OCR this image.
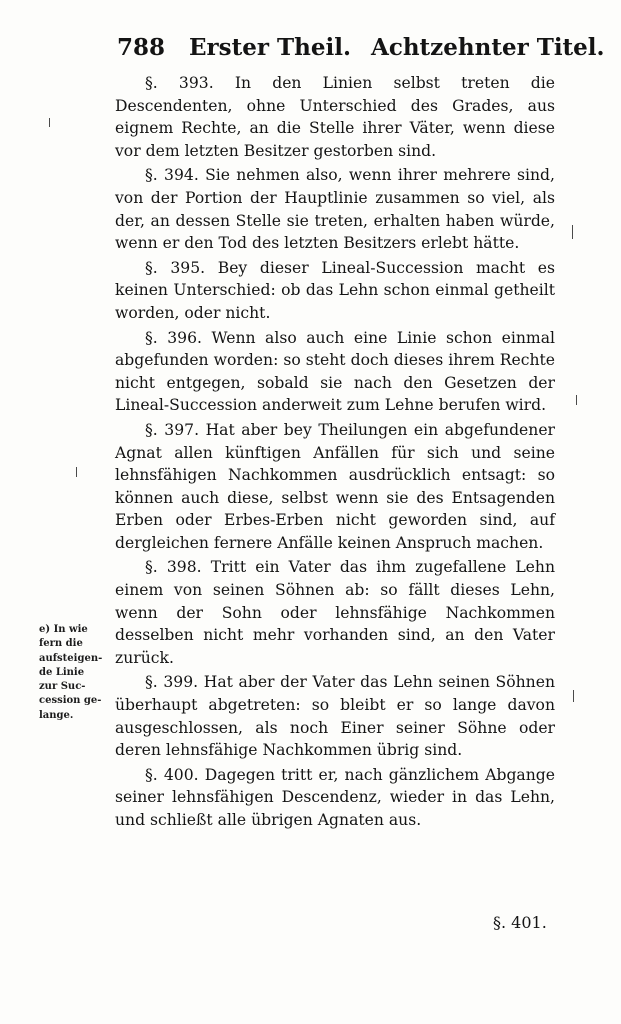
788 Erster Theil. Achtzehnter Titel.

§. 393. In den Linien selbst treten die Descendenten, ohne Unterschied des Grades, aus eignem Rechte, an die Stelle ihrer Väter, wenn diese vor dem letzten Besitzer gestorben sind.

§. 394. Sie nehmen also, wenn ihrer mehrere sind, von der Portion der Hauptlinie zusammen so viel, als der, an dessen Stelle sie treten, erhalten haben würde, wenn er den Tod des letzten Besitzers erlebt hätte.

§. 395. Bey dieser Lineal-Succession macht es keinen Unterschied: ob das Lehn schon einmal getheilt worden, oder nicht.

§. 396. Wenn also auch eine Linie schon einmal abgefunden worden: so steht doch dieses ihrem Rechte nicht entgegen, sobald sie nach den Gesetzen der Lineal-Succession anderweit zum Lehne berufen wird.

§. 397. Hat aber bey Theilungen ein abgefundener Agnat allen künftigen Anfällen für sich und seine lehnsfähigen Nachkommen ausdrücklich entsagt: so können auch diese, selbst wenn sie des Entsagenden Erben oder Erbes-Erben nicht geworden sind, auf dergleichen fernere Anfälle keinen Anspruch machen.

§. 398. Tritt ein Vater das ihm zugefallene Lehn einem von seinen Söhnen ab: so fällt dieses Lehn, wenn der Sohn oder lehnsfähige Nachkommen desselben nicht mehr vorhanden sind, an den Vater zurück.

§. 399. Hat aber der Vater das Lehn seinen Söhnen überhaupt abgetreten: so bleibt er so lange davon ausgeschlossen, als noch Einer seiner Söhne oder deren lehnsfähige Nachkommen übrig sind.

§. 400. Dagegen tritt er, nach gänzlichem Abgange seiner lehnsfähigen Descendenz, wieder in das Lehn, und schließt alle übrigen Agnaten aus.

e) In wie
fern die
aufsteigen-
de Linie
zur Suc-
cession ge-
lange.
§. 401.
